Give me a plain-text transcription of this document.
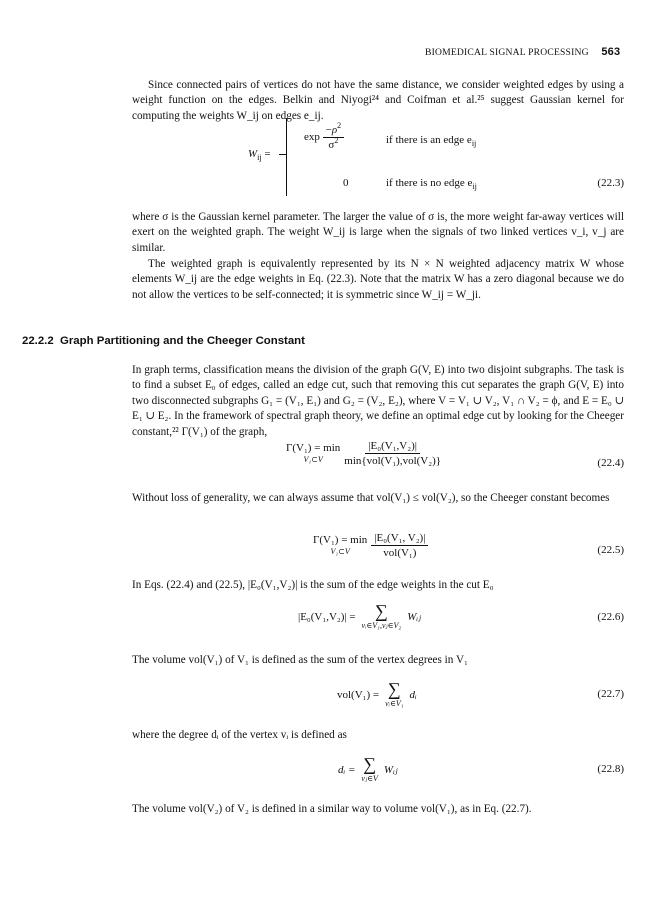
BIOMEDICAL SIGNAL PROCESSING 563

Since connected pairs of vertices do not have the same distance, we consider weighted edges by using a weight function on the edges. Belkin and Niyogi²⁴ and Coifman et al.²⁵ suggest Gaussian kernel for computing the weights W_ij on edges e_ij.

$W_{ij}$ =
$\exp \frac{-\rho^2}{\sigma^2}$	if there is an edge $e_{ij}$
0	if there is no edge $e_{ij}$	(22.3)

where σ is the Gaussian kernel parameter. The larger the value of σ is, the more weight far-away vertices will exert on the weighted graph. The weight W_ij is large when the signals of two linked vertices v_i, v_j are similar.

The weighted graph is equivalently represented by its N × N weighted adjacency matrix W whose elements W_ij are the edge weights in Eq. (22.3). Note that the matrix W has a zero diagonal because we do not allow the vertices to be self-connected; it is symmetric since W_ij = W_ji.

22.2.2 Graph Partitioning and the Cheeger Constant

In graph terms, classification means the division of the graph G(V, E) into two disjoint subgraphs. The task is to find a subset E₀ of edges, called an edge cut, such that removing this cut separates the graph G(V, E) into two disconnected subgraphs G₁ = (V₁, E₁) and G₂ = (V₂, E₂), where V = V₁ ∪ V₂, V₁ ∩ V₂ = ϕ, and E = E₀ ∪ E₁ ∪ E₂. In the framework of spectral graph theory, we define an optimal edge cut by looking for the Cheeger constant,²² Γ(V₁) of the graph,

Γ(V₁) = min
V₁⊂V $\frac{\text{|E₀(V₁,V₂)|}}{\text{min\{vol(V₁),vol(V₂)\}}}$	(22.4)

Without loss of generality, we can always assume that vol(V₁) ≤ vol(V₂), so the Cheeger constant becomes

Γ(V₁) = min
V₁⊂V $\frac{\text{|E₀(V₁, V₂)|}}{\text{vol(V₁)}}$	(22.5)

In Eqs. (22.4) and (22.5), |E₀(V₁,V₂)| is the sum of the edge weights in the cut E₀

|E₀(V₁,V₂)| = ∑
vᵢ∈V₁,vⱼ∈V₂
Wᵢⱼ	(22.6)

The volume vol(V₁) of V₁ is defined as the sum of the vertex degrees in V₁

vol(V₁) = ∑
vᵢ∈V₁
dᵢ	(22.7)

where the degree dᵢ of the vertex vᵢ is defined as

dᵢ = ∑
vⱼ∈V
Wᵢⱼ	(22.8)

The volume vol(V₂) of V₂ is defined in a similar way to volume vol(V₁), as in Eq. (22.7).
